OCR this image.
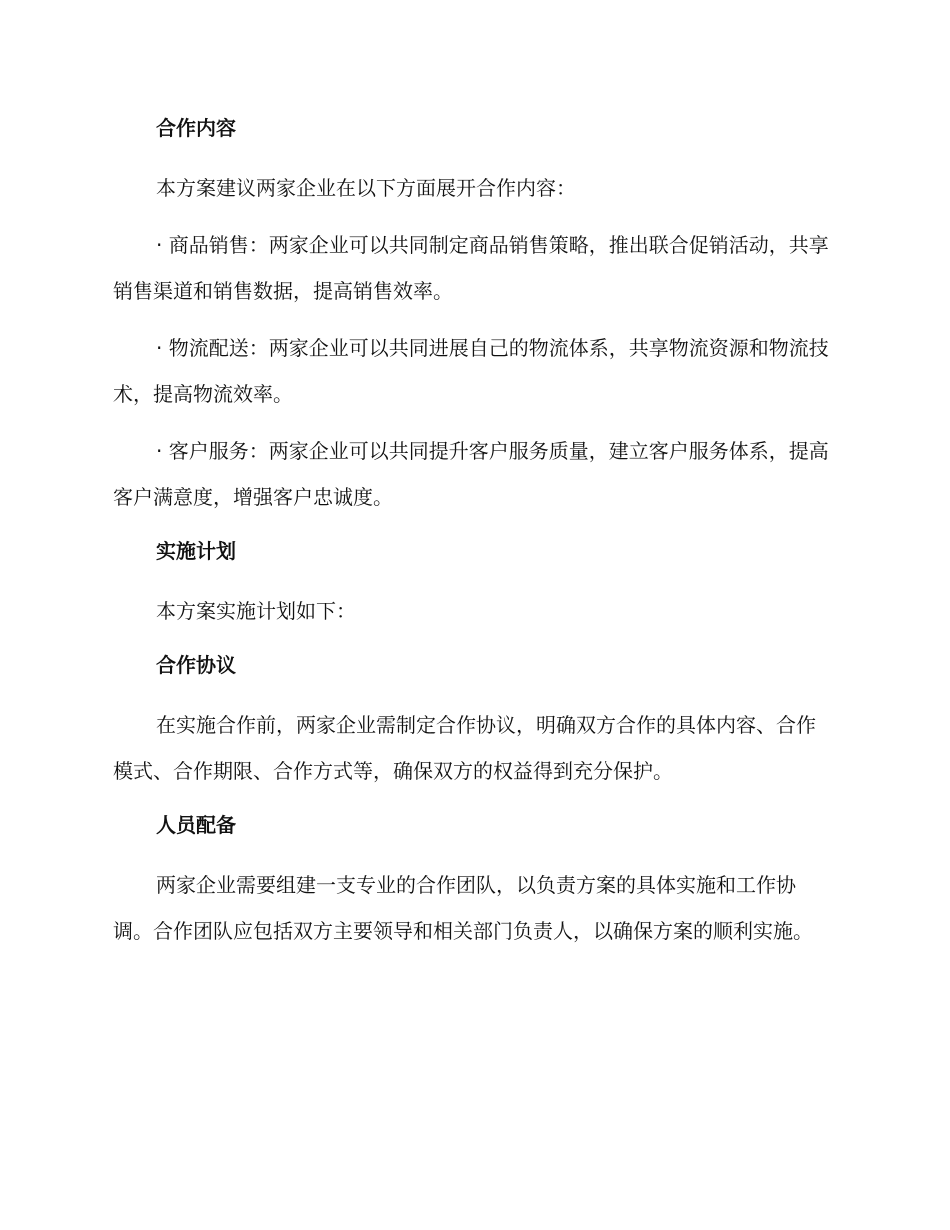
合作内容

本方案建议两家企业在以下方面展开合作内容：

· 商品销售：两家企业可以共同制定商品销售策略，推出联合促销活动，共享销售渠道和销售数据，提高销售效率。

· 物流配送：两家企业可以共同进展自己的物流体系，共享物流资源和物流技术，提高物流效率。

· 客户服务：两家企业可以共同提升客户服务质量，建立客户服务体系，提高客户满意度，增强客户忠诚度。

实施计划

本方案实施计划如下：

合作协议

在实施合作前，两家企业需制定合作协议，明确双方合作的具体内容、合作模式、合作期限、合作方式等，确保双方的权益得到充分保护。

人员配备

两家企业需要组建一支专业的合作团队，以负责方案的具体实施和工作协调。合作团队应包括双方主要领导和相关部门负责人，以确保方案的顺利实施。
